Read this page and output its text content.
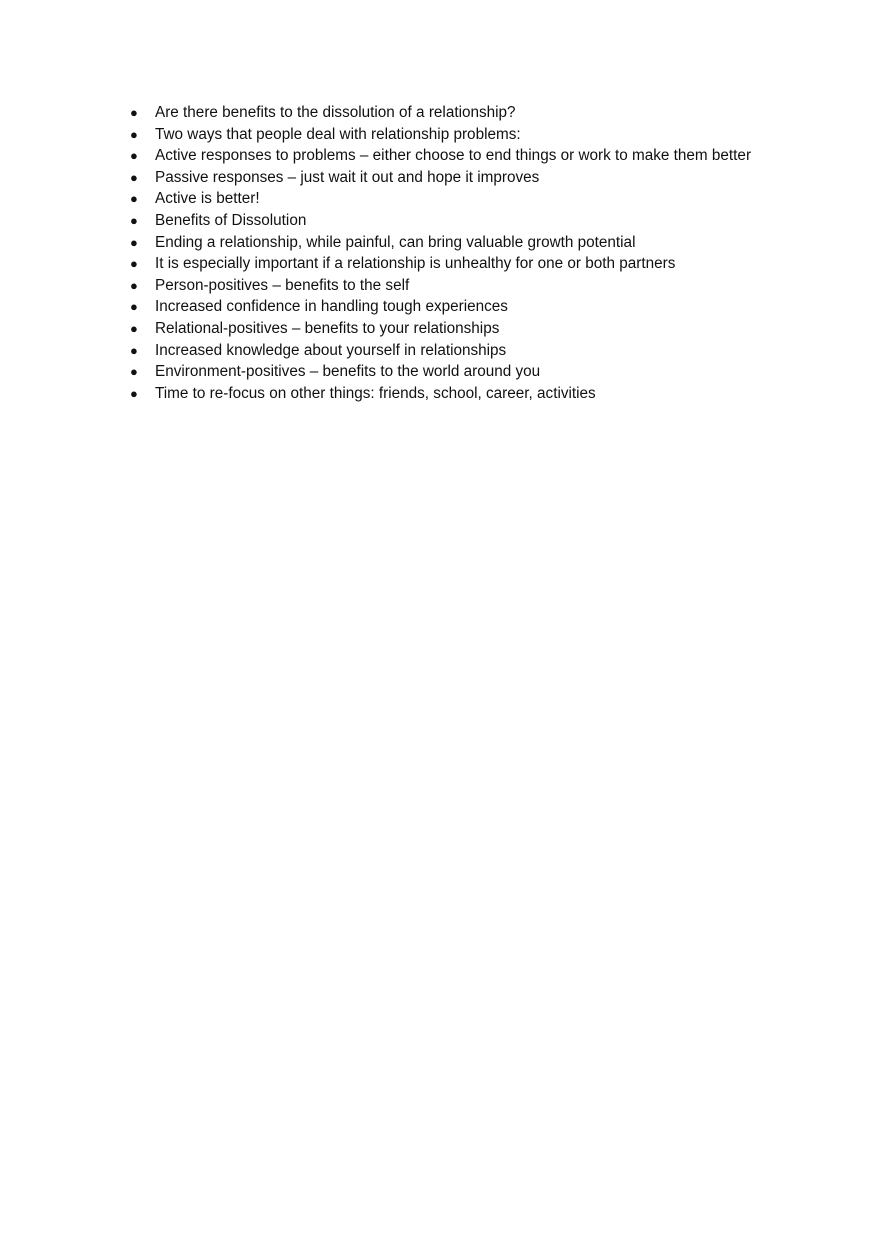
● Are there benefits to the dissolution of a relationship?
● Two ways that people deal with relationship problems:
● Active responses to problems – either choose to end things or work to make them better
● Passive responses – just wait it out and hope it improves
● Active is better!
● Benefits of Dissolution
● Ending a relationship, while painful, can bring valuable growth potential
● It is especially important if a relationship is unhealthy for one or both partners
● Person-positives – benefits to the self
● Increased confidence in handling tough experiences
● Relational-positives – benefits to your relationships
● Increased knowledge about yourself in relationships
● Environment-positives – benefits to the world around you
● Time to re-focus on other things: friends, school, career, activities
